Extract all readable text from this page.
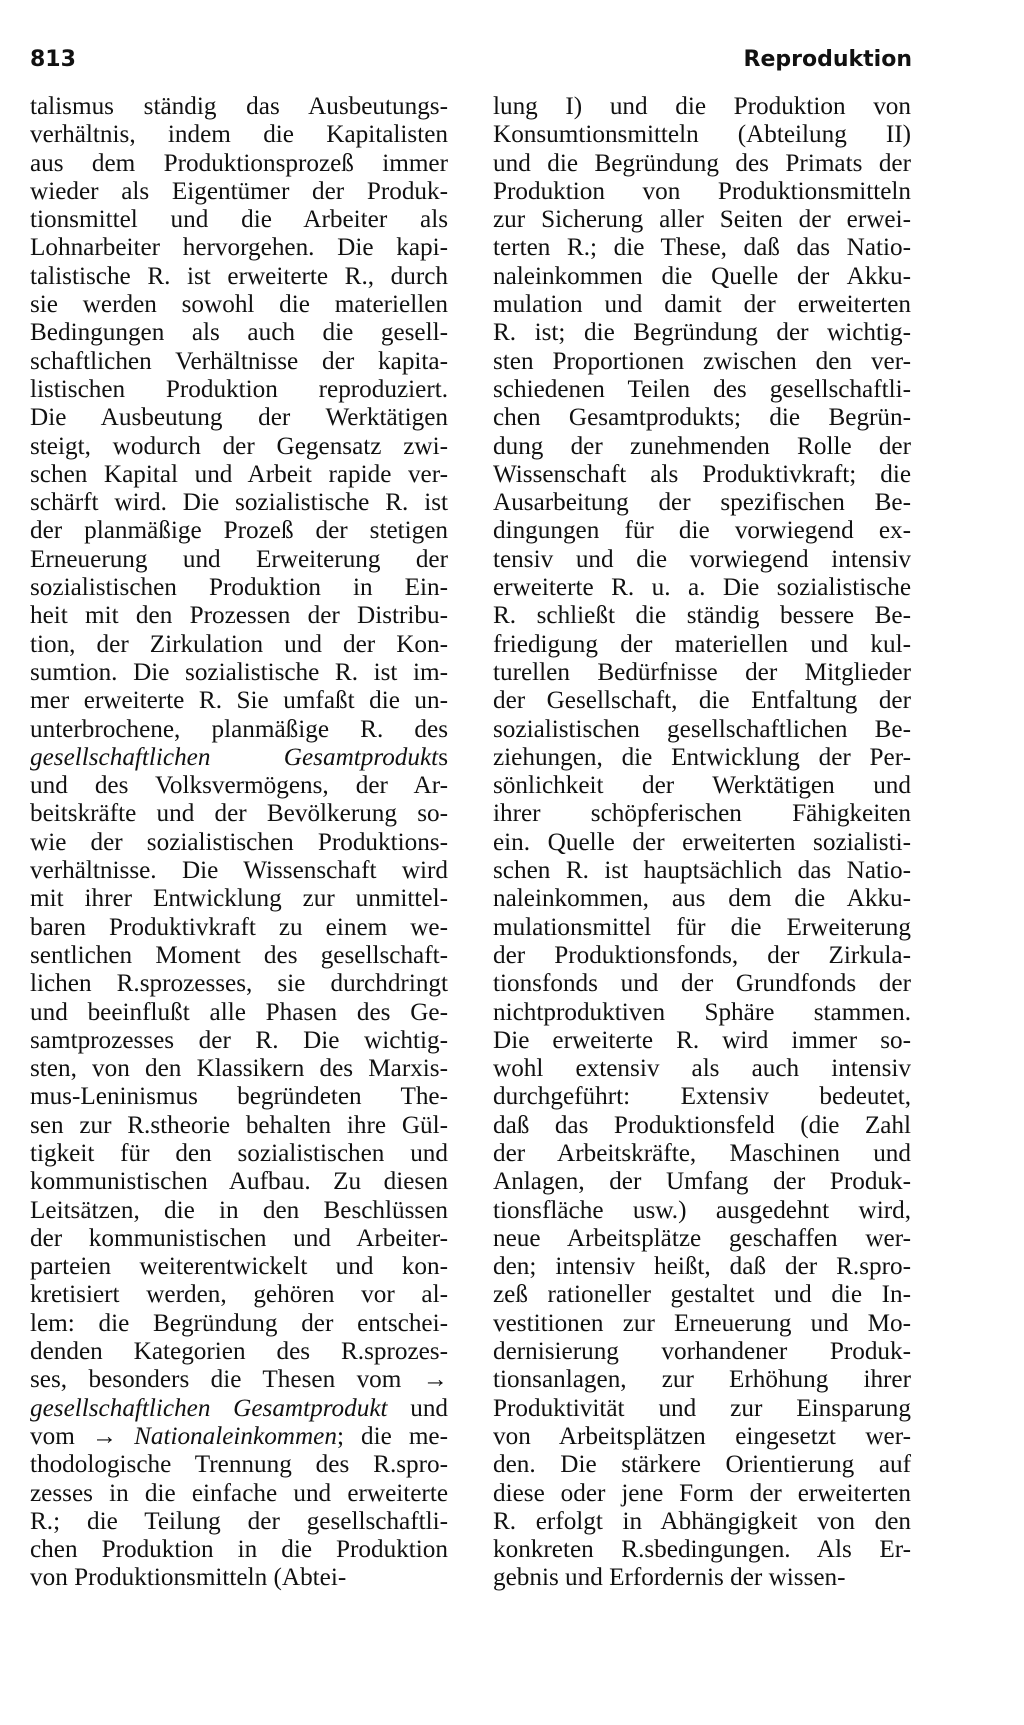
813	Reproduktion
talismus ständig das Ausbeutungs-
verhältnis, indem die Kapitalisten
aus dem Produktionsprozeß immer
wieder als Eigentümer der Produk-
tionsmittel und die Arbeiter als
Lohnarbeiter hervorgehen. Die kapi-
talistische R. ist erweiterte R., durch
sie werden sowohl die materiellen
Bedingungen als auch die gesell-
schaftlichen Verhältnisse der kapita-
listischen Produktion reproduziert.
Die Ausbeutung der Werktätigen
steigt, wodurch der Gegensatz zwi-
schen Kapital und Arbeit rapide ver-
schärft wird. Die sozialistische R. ist
der planmäßige Prozeß der stetigen
Erneuerung und Erweiterung der
sozialistischen Produktion in Ein-
heit mit den Prozessen der Distribu-
tion, der Zirkulation und der Kon-
sumtion. Die sozialistische R. ist im-
mer erweiterte R. Sie umfaßt die un-
unterbrochene, planmäßige R. des
gesellschaftlichen Gesamtprodukts
und des Volksvermögens, der Ar-
beitskräfte und der Bevölkerung so-
wie der sozialistischen Produktions-
verhältnisse. Die Wissenschaft wird
mit ihrer Entwicklung zur unmittel-
baren Produktivkraft zu einem we-
sentlichen Moment des gesellschaft-
lichen R.sprozesses, sie durchdringt
und beeinflußt alle Phasen des Ge-
samtprozesses der R. Die wichtig-
sten, von den Klassikern des Marxis-
mus-Leninismus begründeten The-
sen zur R.stheorie behalten ihre Gül-
tigkeit für den sozialistischen und
kommunistischen Aufbau. Zu diesen
Leitsätzen, die in den Beschlüssen
der kommunistischen und Arbeiter-
parteien weiterentwickelt und kon-
kretisiert werden, gehören vor al-
lem: die Begründung der entschei-
denden Kategorien des R.sprozes-
ses, besonders die Thesen vom →
gesellschaftlichen Gesamtprodukt und
vom → Nationaleinkommen; die me-
thodologische Trennung des R.spro-
zesses in die einfache und erweiterte
R.; die Teilung der gesellschaftli-
chen Produktion in die Produktion
von Produktionsmitteln (Abtei-
lung I) und die Produktion von
Konsumtionsmitteln (Abteilung II)
und die Begründung des Primats der
Produktion von Produktionsmitteln
zur Sicherung aller Seiten der erwei-
terten R.; die These, daß das Natio-
naleinkommen die Quelle der Akku-
mulation und damit der erweiterten
R. ist; die Begründung der wichtig-
sten Proportionen zwischen den ver-
schiedenen Teilen des gesellschaftli-
chen Gesamtprodukts; die Begrün-
dung der zunehmenden Rolle der
Wissenschaft als Produktivkraft; die
Ausarbeitung der spezifischen Be-
dingungen für die vorwiegend ex-
tensiv und die vorwiegend intensiv
erweiterte R. u. a. Die sozialistische
R. schließt die ständig bessere Be-
friedigung der materiellen und kul-
turellen Bedürfnisse der Mitglieder
der Gesellschaft, die Entfaltung der
sozialistischen gesellschaftlichen Be-
ziehungen, die Entwicklung der Per-
sönlichkeit der Werktätigen und
ihrer schöpferischen Fähigkeiten
ein. Quelle der erweiterten sozialisti-
schen R. ist hauptsächlich das Natio-
naleinkommen, aus dem die Akku-
mulationsmittel für die Erweiterung
der Produktionsfonds, der Zirkula-
tionsfonds und der Grundfonds der
nichtproduktiven Sphäre stammen.
Die erweiterte R. wird immer so-
wohl extensiv als auch intensiv
durchgeführt: Extensiv bedeutet,
daß das Produktionsfeld (die Zahl
der Arbeitskräfte, Maschinen und
Anlagen, der Umfang der Produk-
tionsfläche usw.) ausgedehnt wird,
neue Arbeitsplätze geschaffen wer-
den; intensiv heißt, daß der R.spro-
zeß rationeller gestaltet und die In-
vestitionen zur Erneuerung und Mo-
dernisierung vorhandener Produk-
tionsanlagen, zur Erhöhung ihrer
Produktivität und zur Einsparung
von Arbeitsplätzen eingesetzt wer-
den. Die stärkere Orientierung auf
diese oder jene Form der erweiterten
R. erfolgt in Abhängigkeit von den
konkreten R.sbedingungen. Als Er-
gebnis und Erfordernis der wissen-
